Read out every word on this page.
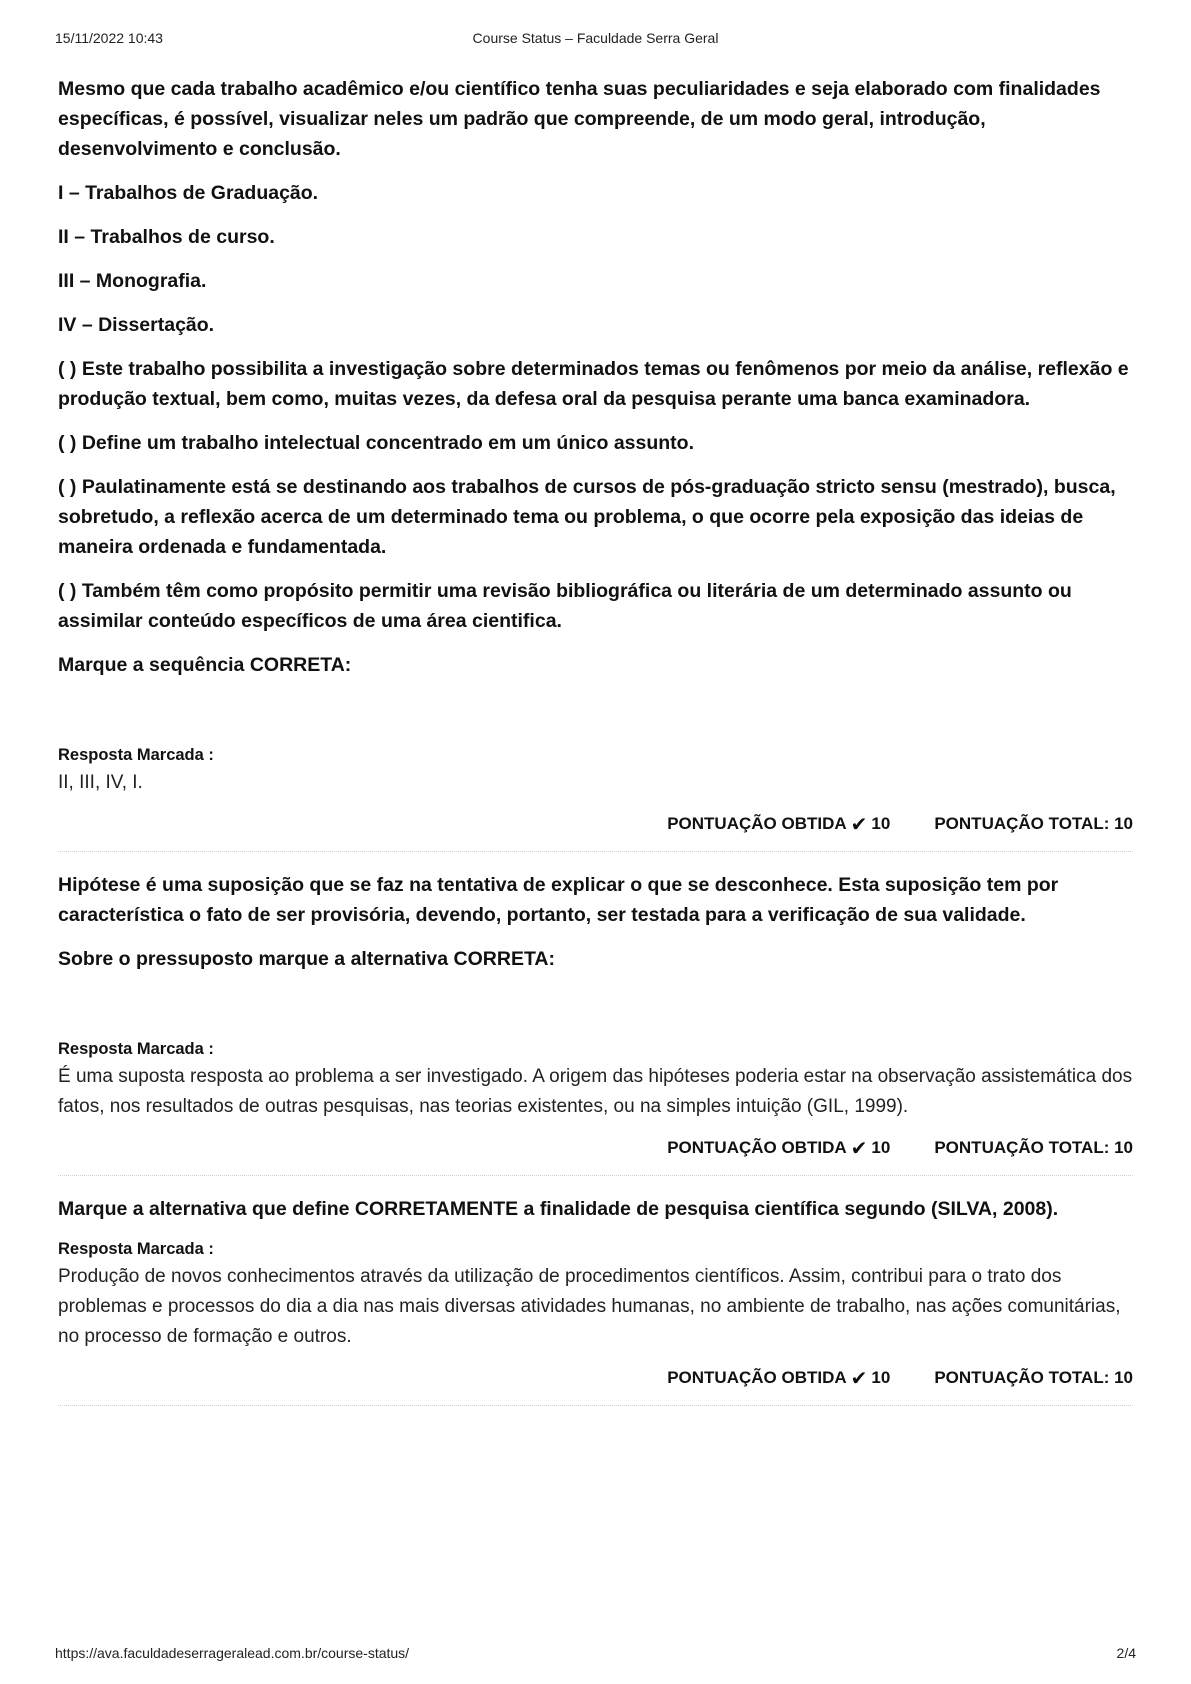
15/11/2022 10:43	Course Status – Faculdade Serra Geral

Mesmo que cada trabalho acadêmico e/ou científico tenha suas peculiaridades e seja elaborado com finalidades específicas, é possível, visualizar neles um padrão que compreende, de um modo geral, introdução, desenvolvimento e conclusão.

I – Trabalhos de Graduação.

II – Trabalhos de curso.

III – Monografia.

IV – Dissertação.

( ) Este trabalho possibilita a investigação sobre determinados temas ou fenômenos por meio da análise, reflexão e produção textual, bem como, muitas vezes, da defesa oral da pesquisa perante uma banca examinadora.

( ) Define um trabalho intelectual concentrado em um único assunto.

( ) Paulatinamente está se destinando aos trabalhos de cursos de pós-graduação stricto sensu (mestrado), busca, sobretudo, a reflexão acerca de um determinado tema ou problema, o que ocorre pela exposição das ideias de maneira ordenada e fundamentada.

( ) Também têm como propósito permitir uma revisão bibliográfica ou literária de um determinado assunto ou assimilar conteúdo específicos de uma área cientifica.

Marque a sequência CORRETA:

Resposta Marcada :

II, III, IV, I.

PONTUAÇÃO OBTIDA ✔ 10	PONTUAÇÃO TOTAL: 10

Hipótese é uma suposição que se faz na tentativa de explicar o que se desconhece. Esta suposição tem por característica o fato de ser provisória, devendo, portanto, ser testada para a verificação de sua validade.

Sobre o pressuposto marque a alternativa CORRETA:

Resposta Marcada :

É uma suposta resposta ao problema a ser investigado. A origem das hipóteses poderia estar na observação assistemática dos fatos, nos resultados de outras pesquisas, nas teorias existentes, ou na simples intuição (GIL, 1999).

PONTUAÇÃO OBTIDA ✔ 10	PONTUAÇÃO TOTAL: 10

Marque a alternativa que define CORRETAMENTE a finalidade de pesquisa científica segundo (SILVA, 2008).

Resposta Marcada :

Produção de novos conhecimentos através da utilização de procedimentos científicos. Assim, contribui para o trato dos problemas e processos do dia a dia nas mais diversas atividades humanas, no ambiente de trabalho, nas ações comunitárias, no processo de formação e outros.

PONTUAÇÃO OBTIDA ✔ 10	PONTUAÇÃO TOTAL: 10
https://ava.faculdadeserrageralead.com.br/course-status/	2/4
